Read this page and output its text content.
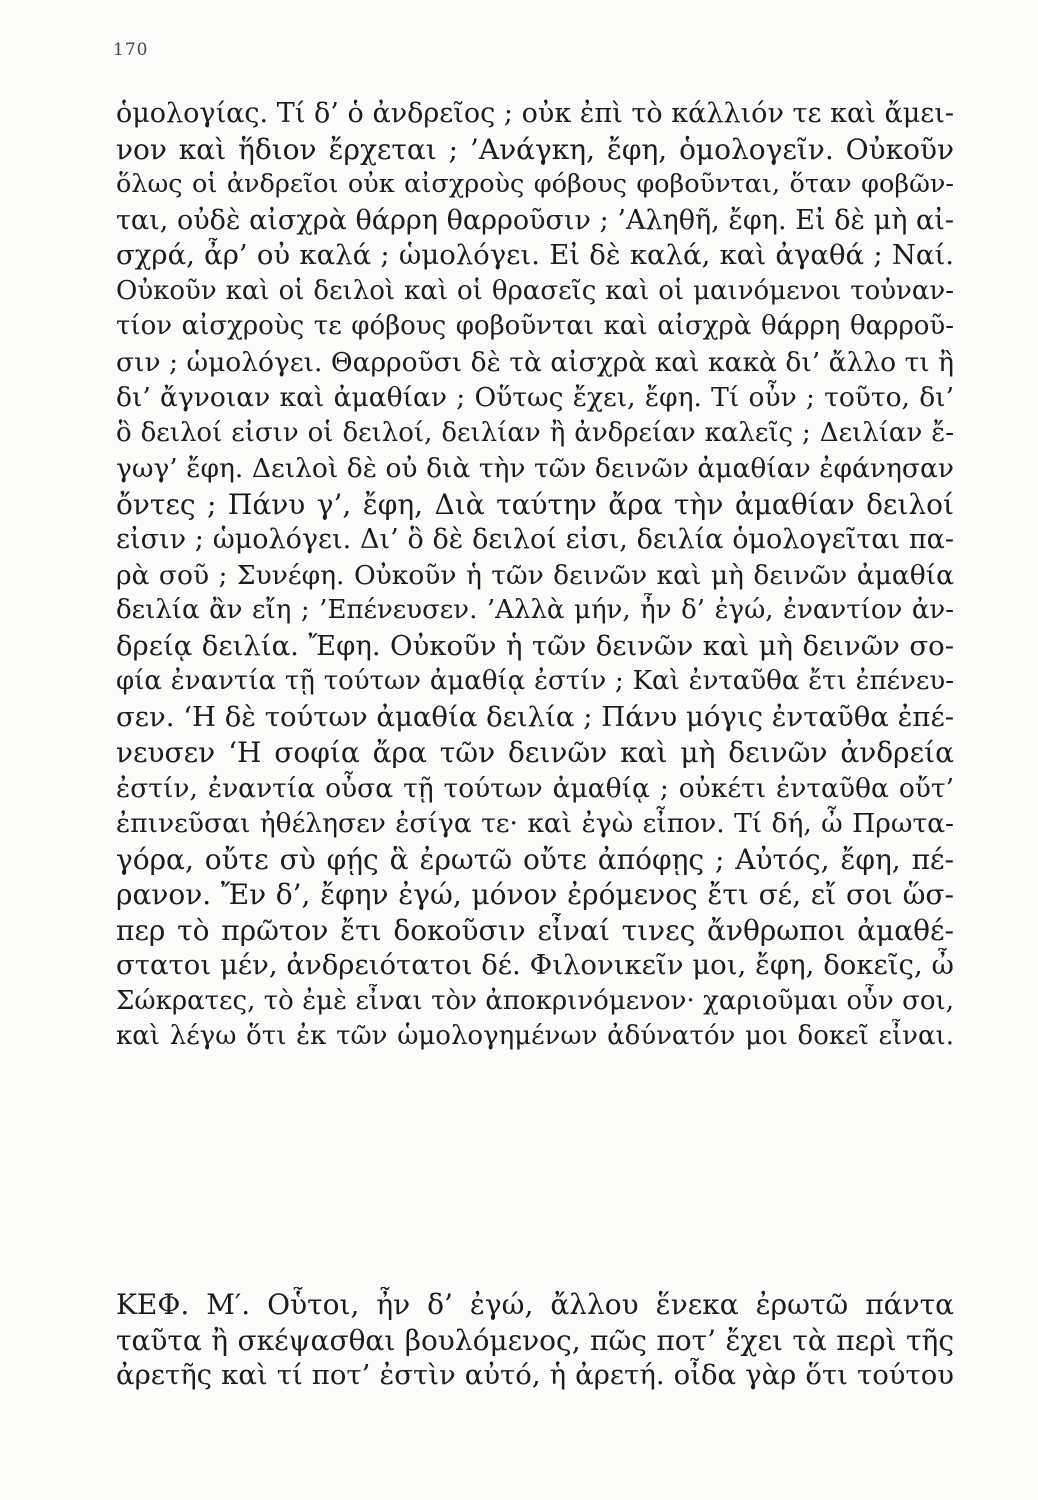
170
ὁμολογίας. Τί δ’ ὁ ἀνδρεῖος ; οὐκ ἐπὶ τὸ κάλλιόν τε καὶ ἄμει-
νον καὶ ἥδιον ἔρχεται ; ’Ανάγκη, ἔφη, ὁμολογεῖν. Οὐκοῦν
ὅλως οἱ ἀνδρεῖοι οὐκ αἰσχροὺς φόβους φοβοῦνται, ὅταν φοβῶν-
ται, οὐδὲ αἰσχρὰ θάρρη θαρροῦσιν ; ’Αληθῆ, ἔφη. Εἰ δὲ μὴ αἰ-
σχρά, ἆρ’ οὐ καλά ; ὡμολόγει. Εἰ δὲ καλά, καὶ ἀγαθά ; Ναί.
Οὐκοῦν καὶ οἱ δειλοὶ καὶ οἱ θρασεῖς καὶ οἱ μαινόμενοι τοὐναν-
τίον αἰσχροὺς τε φόβους φοβοῦνται καὶ αἰσχρὰ θάρρη θαρροῦ-
σιν ; ὡμολόγει. Θαρροῦσι δὲ τὰ αἰσχρὰ καὶ κακὰ δι’ ἄλλο τι ἢ
δι’ ἄγνοιαν καὶ ἀμαθίαν ; Οὕτως ἔχει, ἔφη. Τί οὖν ; τοῦτο, δι’
ὃ δειλοί εἰσιν οἱ δειλοί, δειλίαν ἢ ἀνδρείαν καλεῖς ; Δειλίαν ἔ-
γωγ’ ἔφη. Δειλοὶ δὲ οὐ διὰ τὴν τῶν δεινῶν ἀμαθίαν ἐφάνησαν
ὄντες ; Πάνυ γ’, ἔφη, Διὰ ταύτην ἄρα τὴν ἀμαθίαν δειλοί
εἰσιν ; ὡμολόγει. Δι’ ὃ δὲ δειλοί εἰσι, δειλία ὁμολογεῖται πα-
ρὰ σοῦ ; Συνέφη. Οὐκοῦν ἡ τῶν δεινῶν καὶ μὴ δεινῶν ἀμαθία
δειλία ἂν εἴη ; ’Επένευσεν. ’Αλλὰ μήν, ἦν δ’ ἐγώ, ἐναντίον ἀν-
δρείᾳ δειλία. Ἔφη. Οὐκοῦν ἡ τῶν δεινῶν καὶ μὴ δεινῶν σο-
φία ἐναντία τῇ τούτων ἀμαθίᾳ ἐστίν ; Καὶ ἐνταῦθα ἔτι ἐπένευ-
σεν. ‘Η δὲ τούτων ἀμαθία δειλία ; Πάνυ μόγις ἐνταῦθα ἐπέ-
νευσεν ‘Η σοφία ἄρα τῶν δεινῶν καὶ μὴ δεινῶν ἀνδρεία
ἐστίν, ἐναντία οὖσα τῇ τούτων ἀμαθίᾳ ; οὐκέτι ἐνταῦθα οὔτ’
ἐπινεῦσαι ἠθέλησεν ἐσίγα τε· καὶ ἐγὼ εἶπον. Τί δή, ὦ Πρωτα-
γόρα, οὔτε σὺ φῄς ἃ ἐρωτῶ οὔτε ἀπόφῃς ; Αὐτός, ἔφη, πέ-
ρανον. Ἔν δ’, ἔφην ἐγώ, μόνον ἐρόμενος ἔτι σέ, εἴ σοι ὥσ-
περ τὸ πρῶτον ἔτι δοκοῦσιν εἶναί τινες ἄνθρωποι ἀμαθέ-
στατοι μέν, ἀνδρειότατοι δέ. Φιλονικεῖν μοι, ἔφη, δοκεῖς, ὦ
Σώκρατες, τὸ ἐμὲ εἶναι τὸν ἀποκρινόμενον· χαριοῦμαι οὖν σοι,
καὶ λέγω ὅτι ἐκ τῶν ὡμολογημένων ἀδύνατόν μοι δοκεῖ εἶναι.
ΚΕΦ. Μ′. Οὗτοι, ἦν δ’ ἐγώ, ἄλλου ἕνεκα ἐρωτῶ πάντα
ταῦτα ἢ σκέψασθαι βουλόμενος, πῶς ποτ’ ἔχει τὰ περὶ τῆς
ἀρετῆς καὶ τί ποτ’ ἐστὶν αὐτό, ἡ ἀρετή. οἶδα γὰρ ὅτι τούτου
